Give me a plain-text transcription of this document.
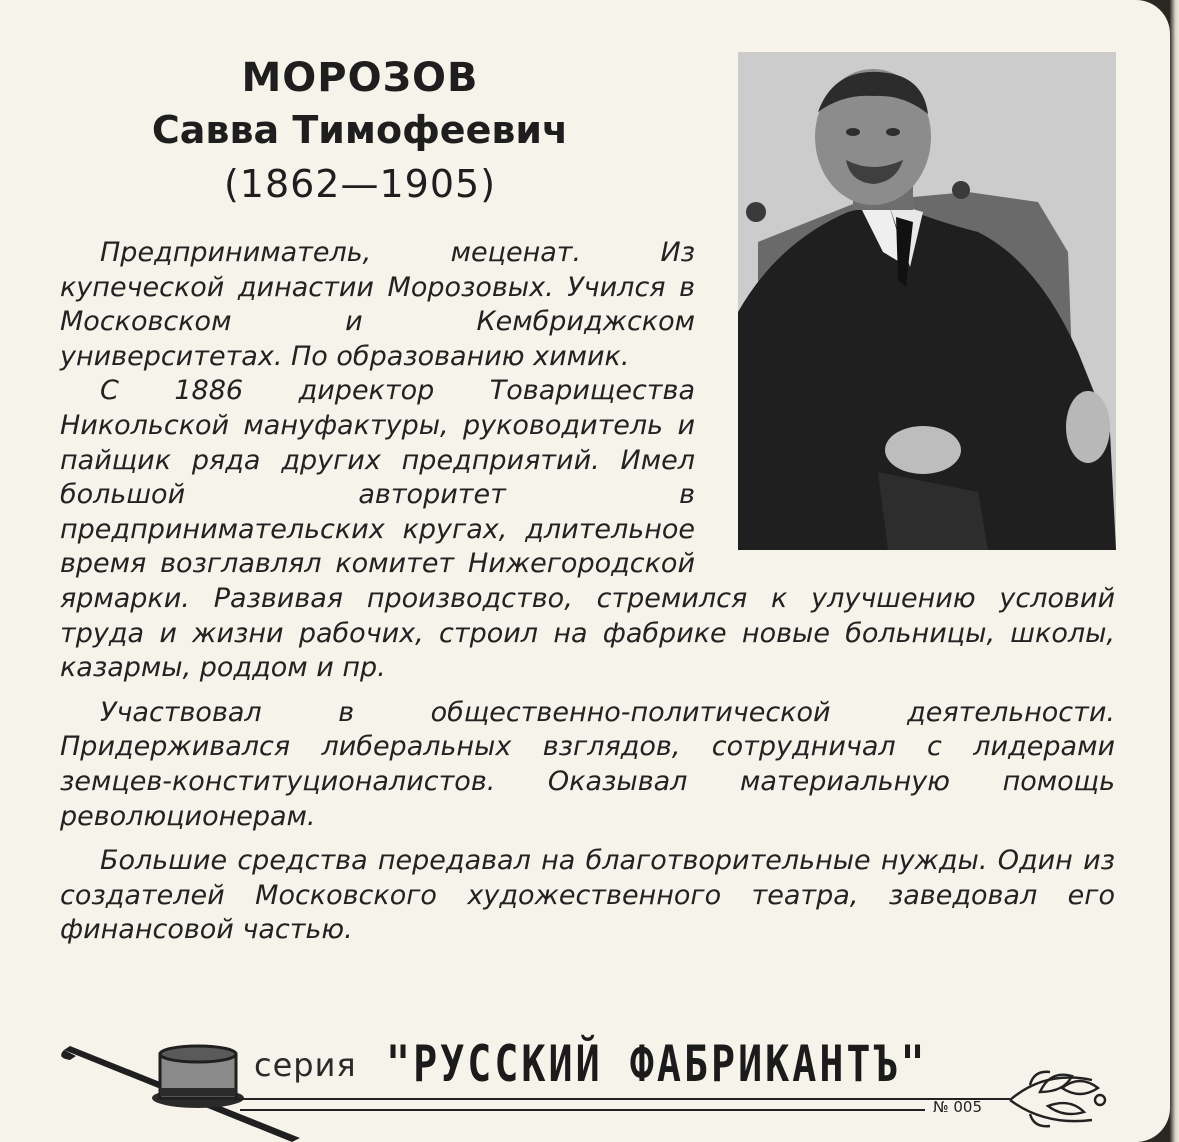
МОРОЗОВ
Савва Тимофеевич
(1862—1905)

Предприниматель, меценат. Из купеческой династии Морозовых. Учился в Московском и Кембриджском университетах. По образованию химик.

С 1886 директор Товарищества Никольской мануфактуры, руководитель и пайщик ряда других предприятий. Имел большой авторитет в предпринимательских кругах, длительное время возглавлял комитет Нижегородской ярмарки. Развивая производство, стремился к улучшению условий труда и жизни рабочих, строил на фабрике новые больницы, школы, казармы, роддом и пр.

Участвовал в общественно-политической деятельности. Придерживался либеральных взглядов, сотрудничал с лидерами земцев-конституционалистов. Оказывал материальную помощь революционерам.

Большие средства передавал на благотворительные нужды. Один из создателей Московского художественного театра, заведовал его финансовой частью.

серия "РУССКИЙ ФАБРИКАНТЪ"
№ 005
